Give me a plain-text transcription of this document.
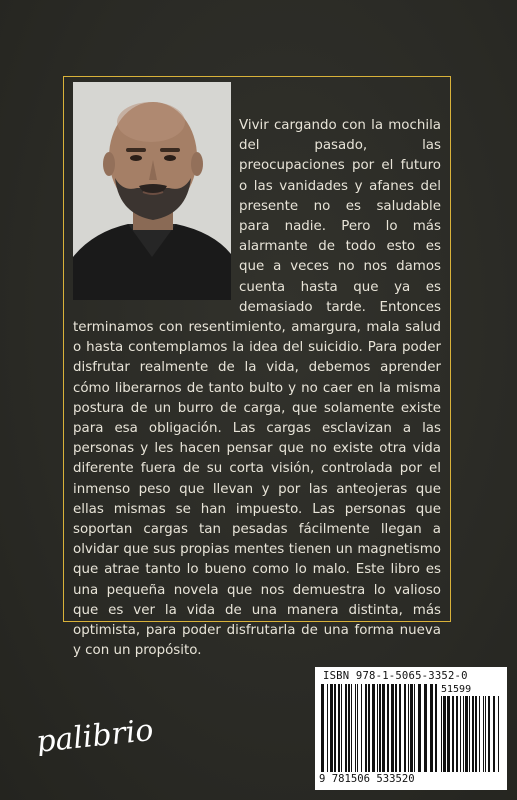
Vivir cargando con la mochila del pasado, las preocupaciones por el futuro o las vanidades y afanes del presente no es saludable para nadie. Pero lo más alarmante de todo esto es que a veces no nos damos cuenta hasta que ya es demasiado tarde. Entonces terminamos con resentimiento, amargura, mala salud o hasta contemplamos la idea del suicidio. Para poder disfrutar realmente de la vida, debemos aprender cómo liberarnos de tanto bulto y no caer en la misma postura de un burro de carga, que solamente existe para esa obligación. Las cargas esclavizan a las personas y les hacen pensar que no existe otra vida diferente fuera de su corta visión, controlada por el inmenso peso que llevan y por las anteojeras que ellas mismas se han impuesto. Las personas que soportan cargas tan pesadas fácilmente llegan a olvidar que sus propias mentes tienen un magnetismo que atrae tanto lo bueno como lo malo. Este libro es una pequeña novela que nos demuestra lo valioso que es ver la vida de una manera distinta, más optimista, para poder disfrutarla de una forma nueva y con un propósito.

ISBN 978-1-5065-3352-0
51599
9 781506 533520
palibrio
